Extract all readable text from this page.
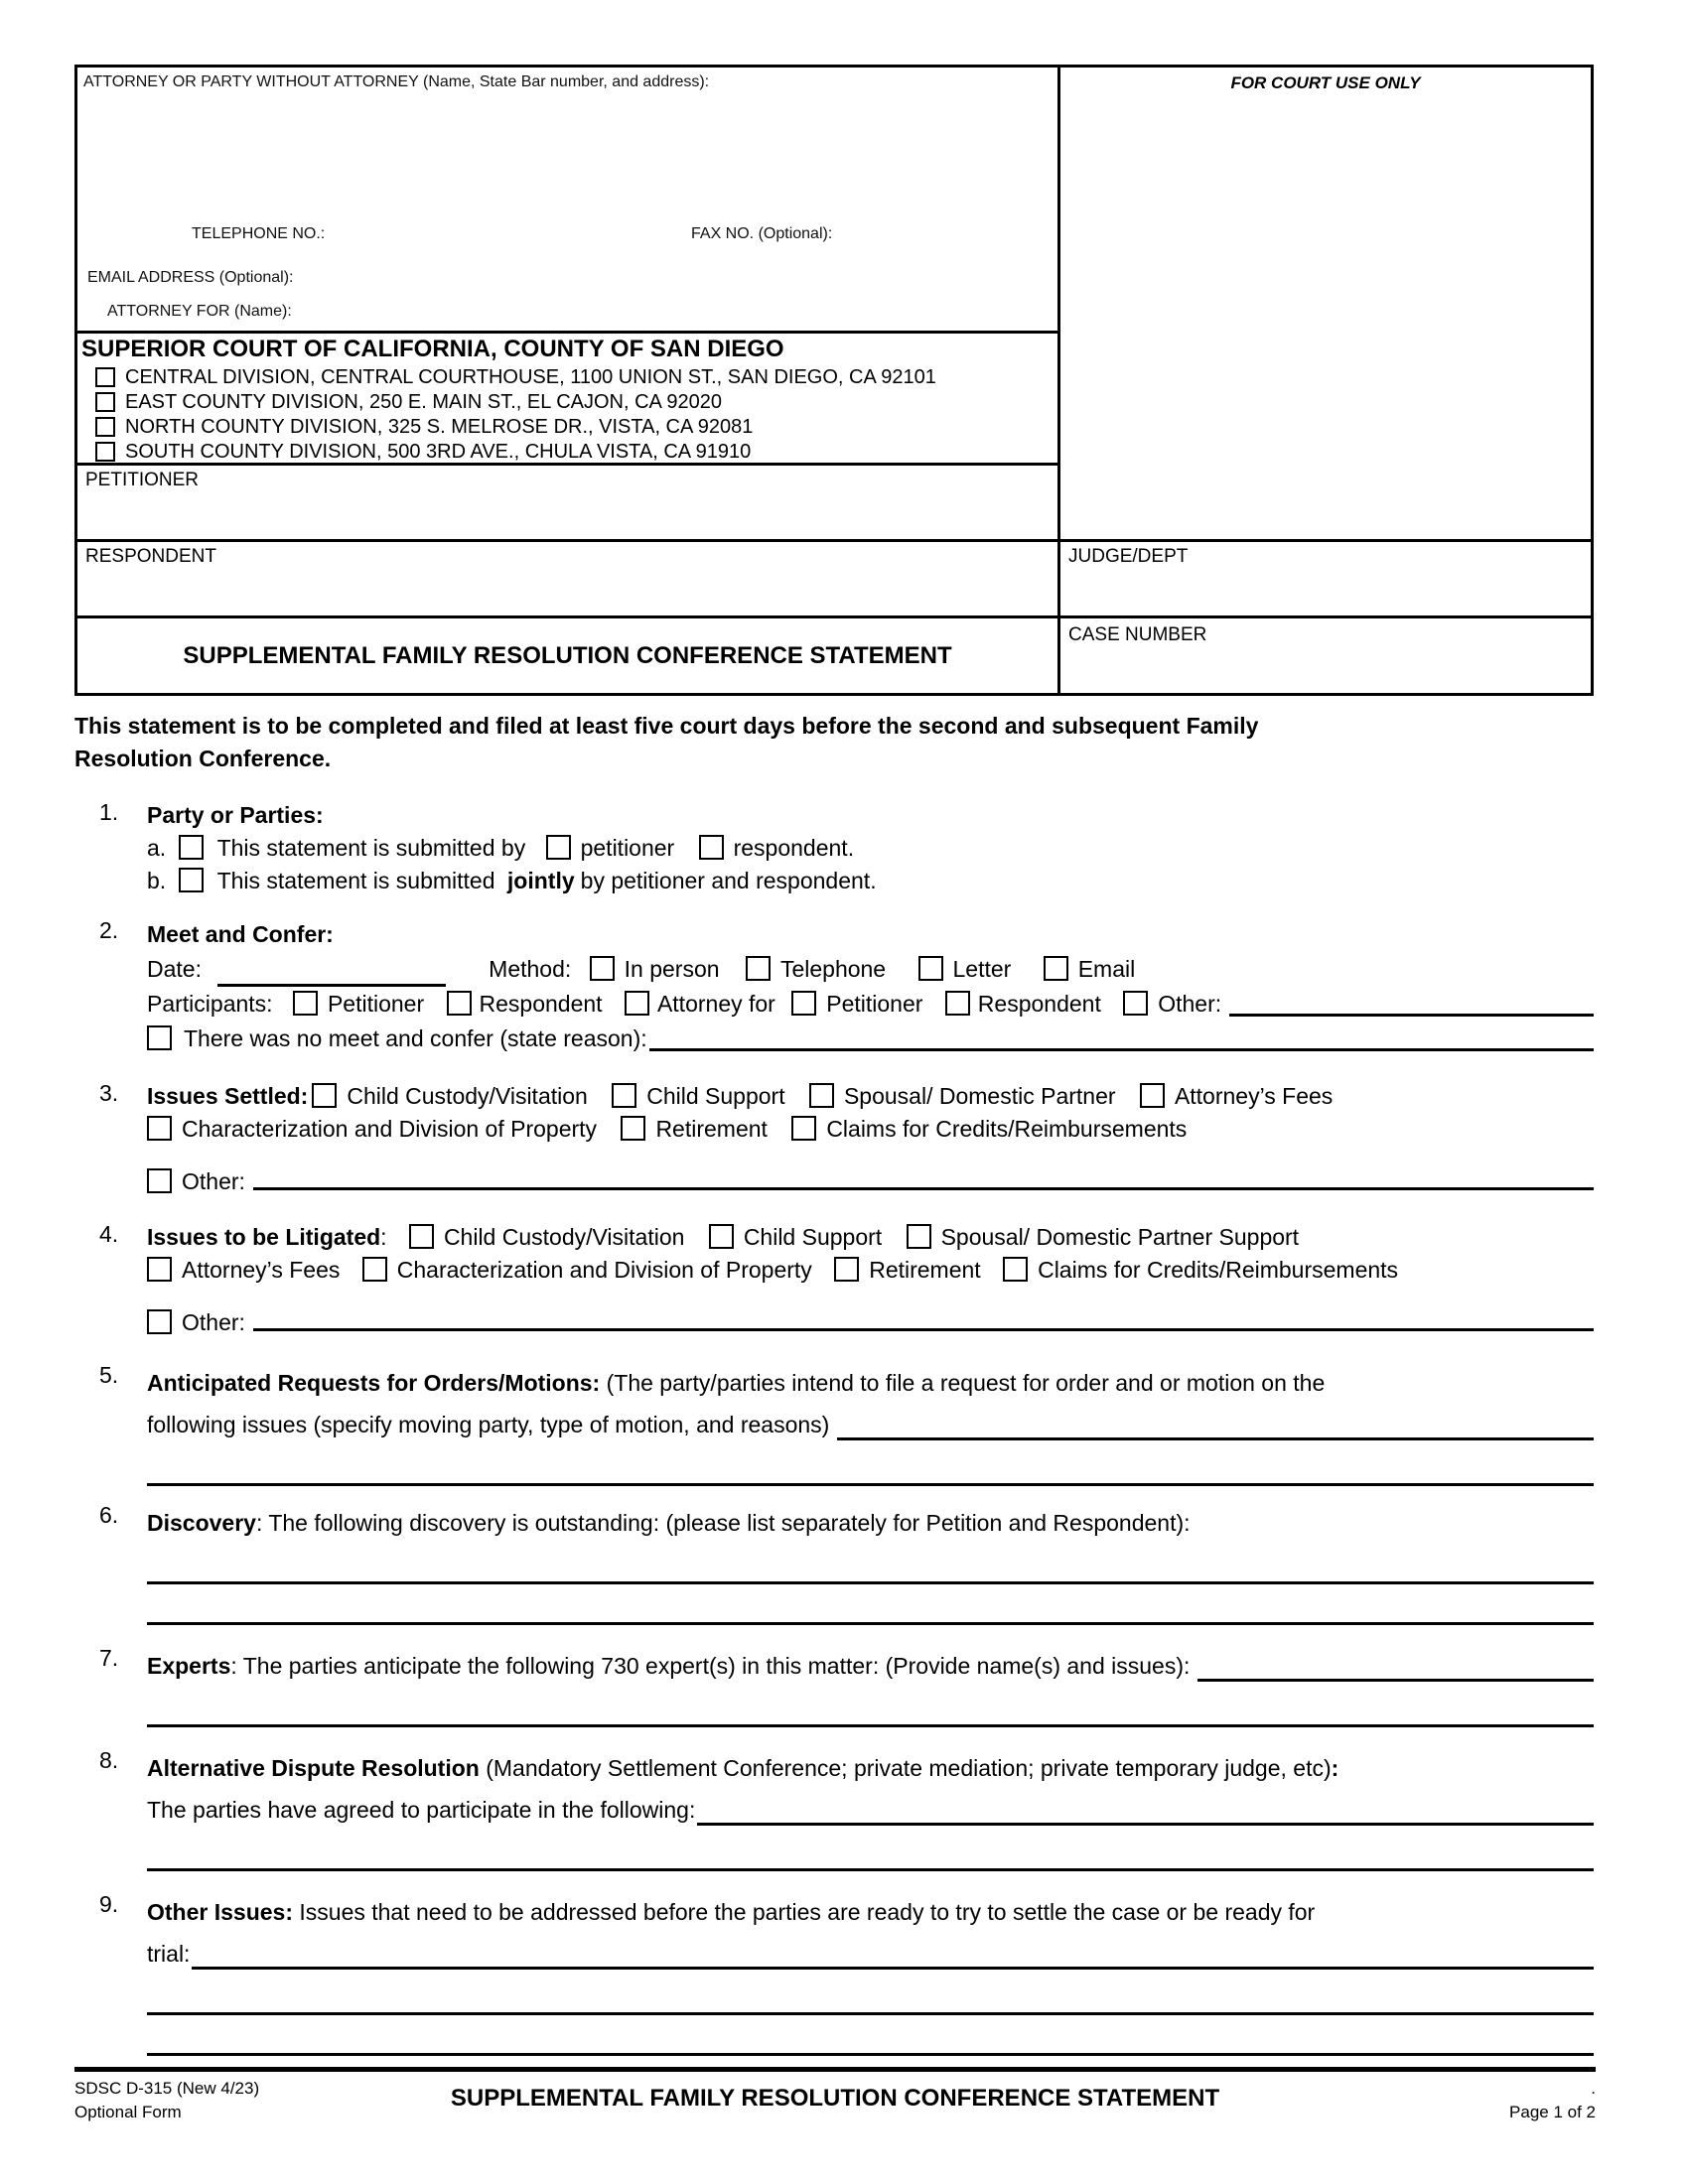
ATTORNEY OR PARTY WITHOUT ATTORNEY (Name, State Bar number, and address):
TELEPHONE NO.:	FAX NO. (Optional):
EMAIL ADDRESS (Optional):
ATTORNEY FOR (Name):
FOR COURT USE ONLY
SUPERIOR COURT OF CALIFORNIA, COUNTY OF SAN DIEGO
CENTRAL DIVISION, CENTRAL COURTHOUSE, 1100 UNION ST., SAN DIEGO, CA 92101
EAST COUNTY DIVISION, 250 E. MAIN ST., EL CAJON, CA 92020
NORTH COUNTY DIVISION, 325 S. MELROSE DR., VISTA, CA 92081
SOUTH COUNTY DIVISION, 500 3RD AVE., CHULA VISTA, CA 91910
PETITIONER
RESPONDENT	JUDGE/DEPT
SUPPLEMENTAL FAMILY RESOLUTION CONFERENCE STATEMENT
CASE NUMBER
This statement is to be completed and filed at least five court days before the second and subsequent Family
Resolution Conference.
1.	Party or Parties:
a. This statement is submitted by petitioner	respondent.
b. This statement is submitted jointly by petitioner and respondent.
2.	Meet and Confer:
Date:	Method: In person	Telephone	Letter	Email
Participants: Petitioner Respondent Attorney for Petitioner Respondent Other:
There was no meet and confer (state reason):
3.	Issues Settled: Child Custody/Visitation	Child Support	Spousal/ Domestic Partner	Attorney’s Fees
Characterization and Division of Property	Retirement	Claims for Credits/Reimbursements
Other:
4.	Issues to be Litigated: Child Custody/Visitation	Child Support	Spousal/ Domestic Partner Support
Attorney’s Fees Characterization and Division of Property Retirement Claims for Credits/Reimbursements
Other:
5.	Anticipated Requests for Orders/Motions: (The party/parties intend to file a request for order and or motion on the
following issues (specify moving party, type of motion, and reasons)
6.	Discovery: The following discovery is outstanding: (please list separately for Petition and Respondent):
7.	Experts: The parties anticipate the following 730 expert(s) in this matter: (Provide name(s) and issues):
8.	Alternative Dispute Resolution (Mandatory Settlement Conference; private mediation; private temporary judge, etc):
The parties have agreed to participate in the following:
9.	Other Issues: Issues that need to be addressed before the parties are ready to try to settle the case or be ready for
trial:
SDSC D-315 (New 4/23)
Optional Form
SUPPLEMENTAL FAMILY RESOLUTION CONFERENCE STATEMENT	.
Page 1 of 2
